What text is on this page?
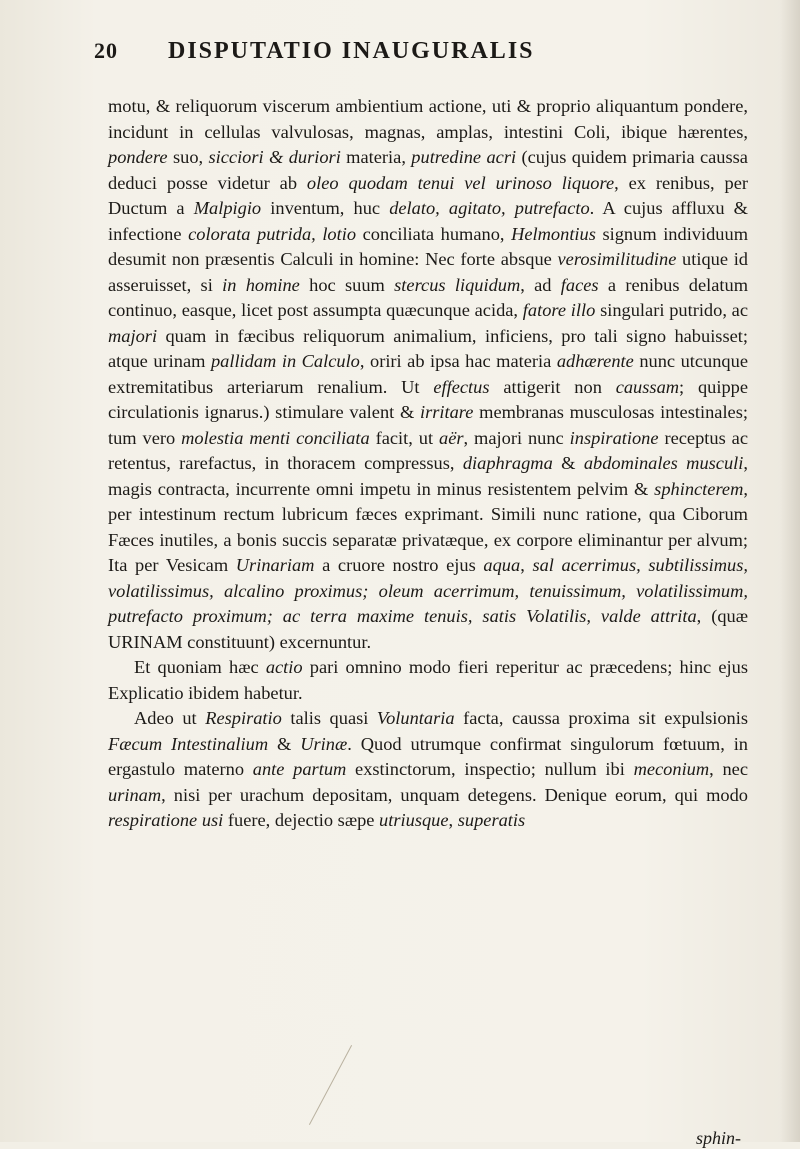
20 DISPUTATIO INAUGURALIS

motu, & reliquorum viscerum ambientium actione, uti & proprio aliquantum pondere, incidunt in cellulas valvulosas, magnas, amplas, intestini Coli, ibique hærentes, pondere suo, sicciori & duriori materia, putredine acri (cujus quidem primaria caussa deduci posse videtur ab oleo quodam tenui vel urinoso liquore, ex renibus, per Ductum a Malpigio inventum, huc delato, agitato, putrefacto. A cujus affluxu & infectione colorata putrida, lotio conciliata humano, Helmontius signum individuum desumit non præsentis Calculi in homine: Nec forte absque verosimilitudine utique id asseruisset, si in homine hoc suum stercus liquidum, ad faces a renibus delatum continuo, easque, licet post assumpta quæcunque acida, fatore illo singulari putrido, ac majori quam in fæcibus reliquorum animalium, inficiens, pro tali signo habuisset; atque urinam pallidam in Calculo, oriri ab ipsa hac materia adhærente nunc utcunque extremitatibus arteriarum renalium. Ut effectus attigerit non caussam; quippe circulationis ignarus.) stimulare valent & irritare membranas musculosas intestinales; tum vero molestia menti conciliata facit, ut aër, majori nunc inspiratione receptus ac retentus, rarefactus, in thoracem compressus, diaphragma & abdominales musculi, magis contracta, incurrente omni impetu in minus resistentem pelvim & sphincterem, per intestinum rectum lubricum fæces exprimant. Simili nunc ratione, qua Ciborum Fæces inutiles, a bonis succis separatæ privatæque, ex corpore eliminantur per alvum; Ita per Vesicam Urinariam a cruore nostro ejus aqua, sal acerrimus, subtilissimus, volatilissimus, alcalino proximus; oleum acerrimum, tenuissimum, volatilissimum, putrefacto proximum; ac terra maxime tenuis, satis Volatilis, valde attrita, (quæ URINAM constituunt) excernuntur.

Et quoniam hæc actio pari omnino modo fieri reperitur ac præcedens; hinc ejus Explicatio ibidem habetur.

Adeo ut Respiratio talis quasi Voluntaria facta, caussa proxima sit expulsionis Fæcum Intestinalium & Urinæ. Quod utrumque confirmat singulorum fœtuum, in ergastulo materno ante partum exstinctorum, inspectio; nullum ibi meconium, nec urinam, nisi per urachum depositam, unquam detegens. Denique eorum, qui modo respiratione usi fuere, dejectio sæpe utriusque, superatis

sphin-
